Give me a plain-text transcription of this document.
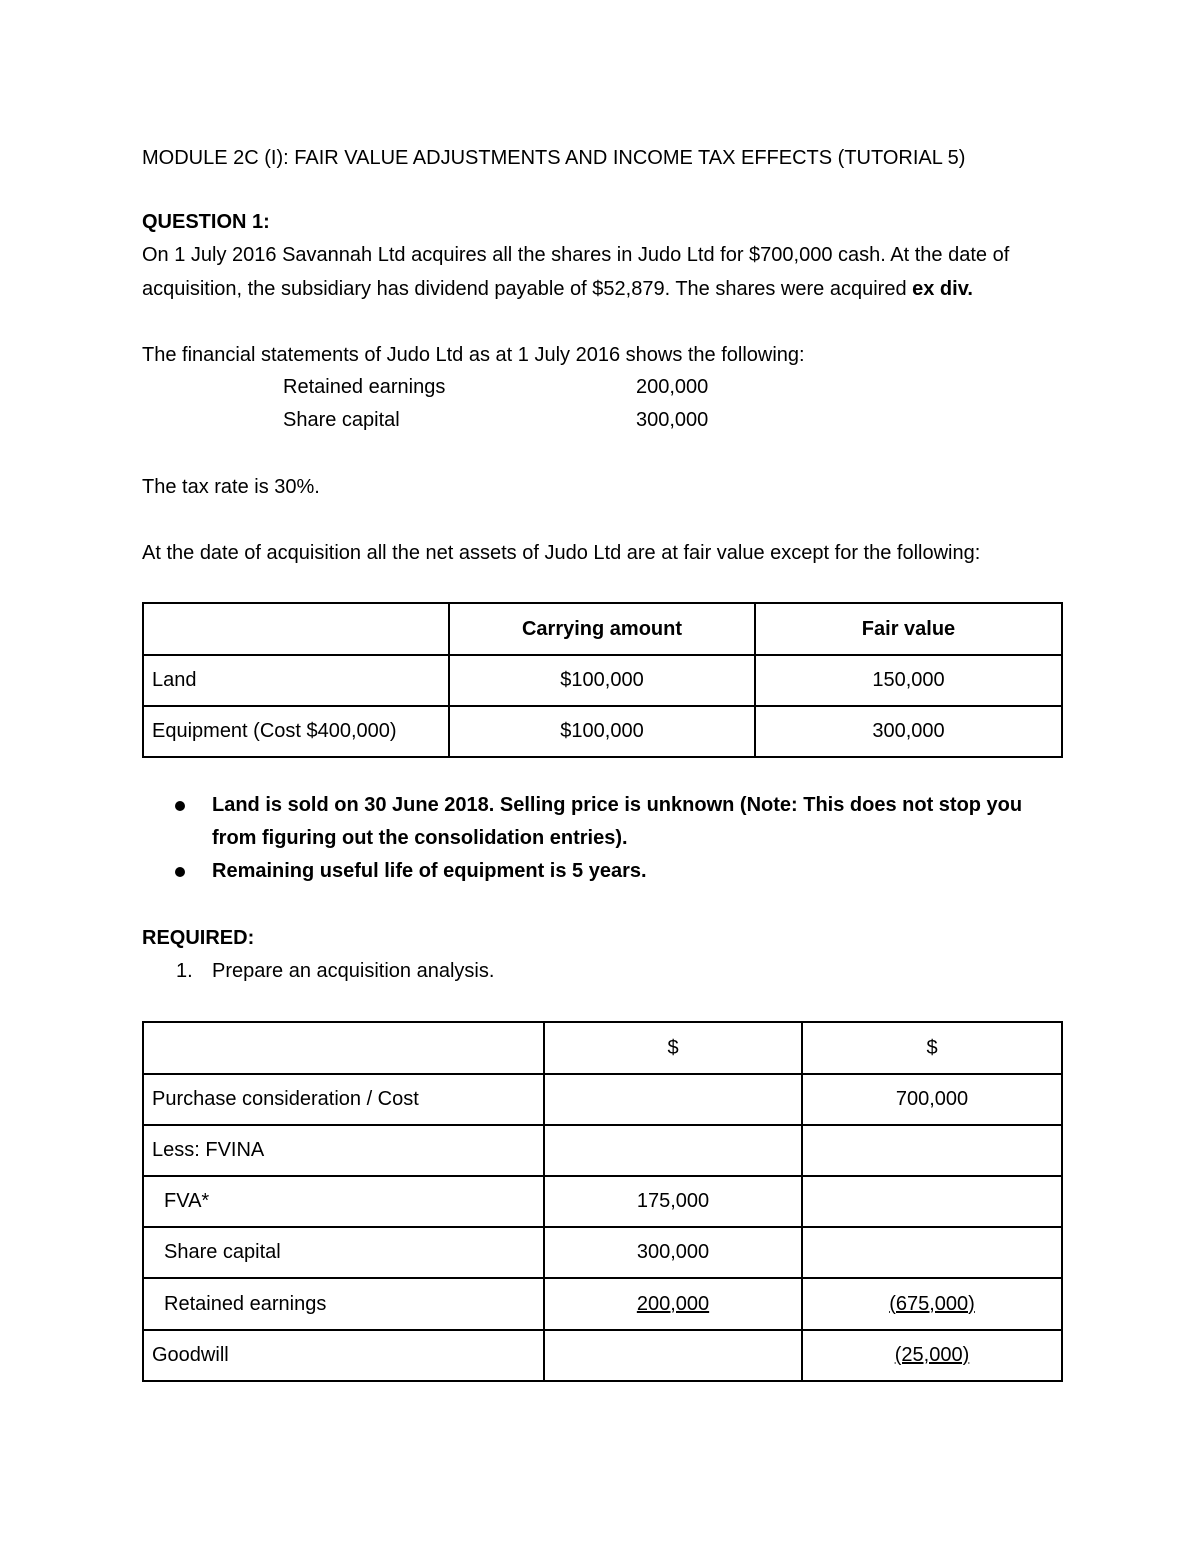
MODULE 2C (I): FAIR VALUE ADJUSTMENTS AND INCOME TAX EFFECTS (TUTORIAL 5)
QUESTION 1:
On 1 July 2016 Savannah Ltd acquires all the shares in Judo Ltd for $700,000 cash. At the date of
acquisition, the subsidiary has dividend payable of $52,879. The shares were acquired ex div.
The financial statements of Judo Ltd as at 1 July 2016 shows the following:
Retained earnings	200,000
Share capital	300,000
The tax rate is 30%.
At the date of acquisition all the net assets of Judo Ltd are at fair value except for the following:
	Carrying amount	Fair value
Land	$100,000	150,000
Equipment (Cost $400,000)	$100,000	300,000
Land is sold on 30 June 2018. Selling price is unknown (Note: This does not stop you from figuring out the consolidation entries).
Remaining useful life of equipment is 5 years.
REQUIRED:
1. Prepare an acquisition analysis.
	$	$
Purchase consideration / Cost		700,000
Less: FVINA		
FVA*	175,000	
Share capital	300,000	
Retained earnings	200,000	(675,000)
Goodwill		(25,000)
